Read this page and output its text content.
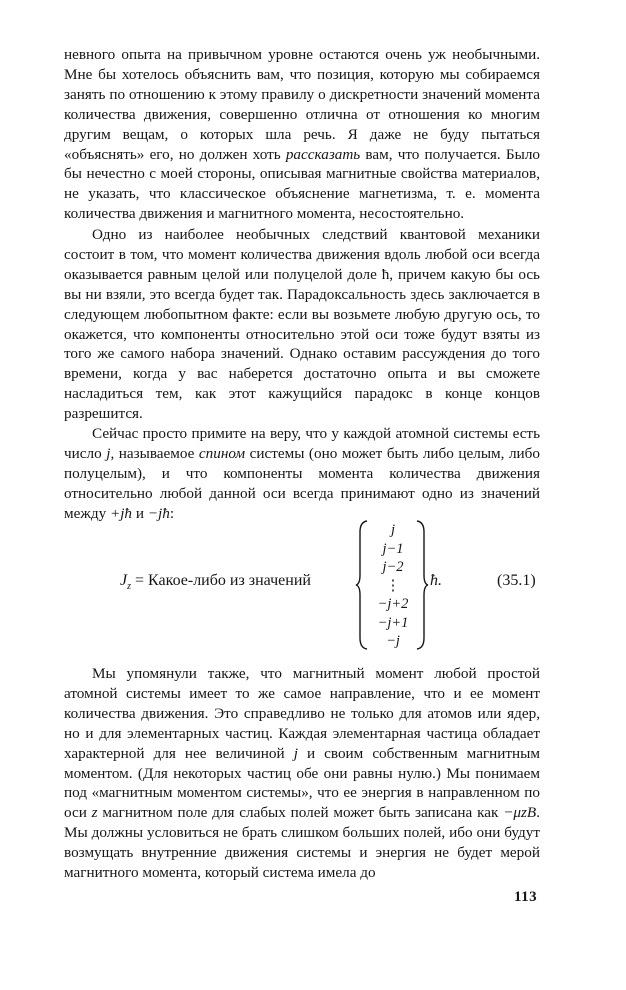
невного опыта на привычном уровне остаются очень уж необычными. Мне бы хотелось объяснить вам, что позиция, которую мы собираемся занять по отношению к этому правилу о дискретности значений момента количества движения, совершенно отлична от отношения ко многим другим вещам, о которых шла речь. Я даже не буду пытаться «объяснять» его, но должен хоть рассказать вам, что получается. Было бы нечестно с моей стороны, описывая магнитные свойства материалов, не указать, что классическое объяснение магнетизма, т. е. момента количества движения и магнитного момента, несостоятельно.

Одно из наиболее необычных следствий квантовой механики состоит в том, что момент количества движения вдоль любой оси всегда оказывается равным целой или полуцелой доле ħ, причем какую бы ось вы ни взяли, это всегда будет так. Парадоксальность здесь заключается в следующем любопытном факте: если вы возьмете любую другую ось, то окажется, что компоненты относительно этой оси тоже будут взяты из того же самого набора значений. Однако оставим рассуждения до того времени, когда у вас наберется достаточно опыта и вы сможете насладиться тем, как этот кажущийся парадокс в конце концов разрешится.

Сейчас просто примите на веру, что у каждой атомной системы есть число j, называемое спином системы (оно может быть либо целым, либо полуцелым), и что компоненты момента количества движения относительно любой данной оси всегда принимают одно из значений между +jħ и −jħ:

$J_z$ = Какое-либо из значений
j
j−1
j−2
⋮
−j+2
−j+1
−j
ħ.	(35.1)

Мы упомянули также, что магнитный момент любой простой атомной системы имеет то же самое направление, что и ее момент количества движения. Это справедливо не только для атомов или ядер, но и для элементарных частиц. Каждая элементарная частица обладает характерной для нее величиной j и своим собственным магнитным моментом. (Для некоторых частиц обе они равны нулю.) Мы понимаем под «магнитным моментом системы», что ее энергия в направленном по оси z магнитном поле для слабых полей может быть записана как −μzB. Мы должны условиться не брать слишком больших полей, ибо они будут возмущать внутренние движения системы и энергия не будет мерой магнитного момента, который система имела до

113
